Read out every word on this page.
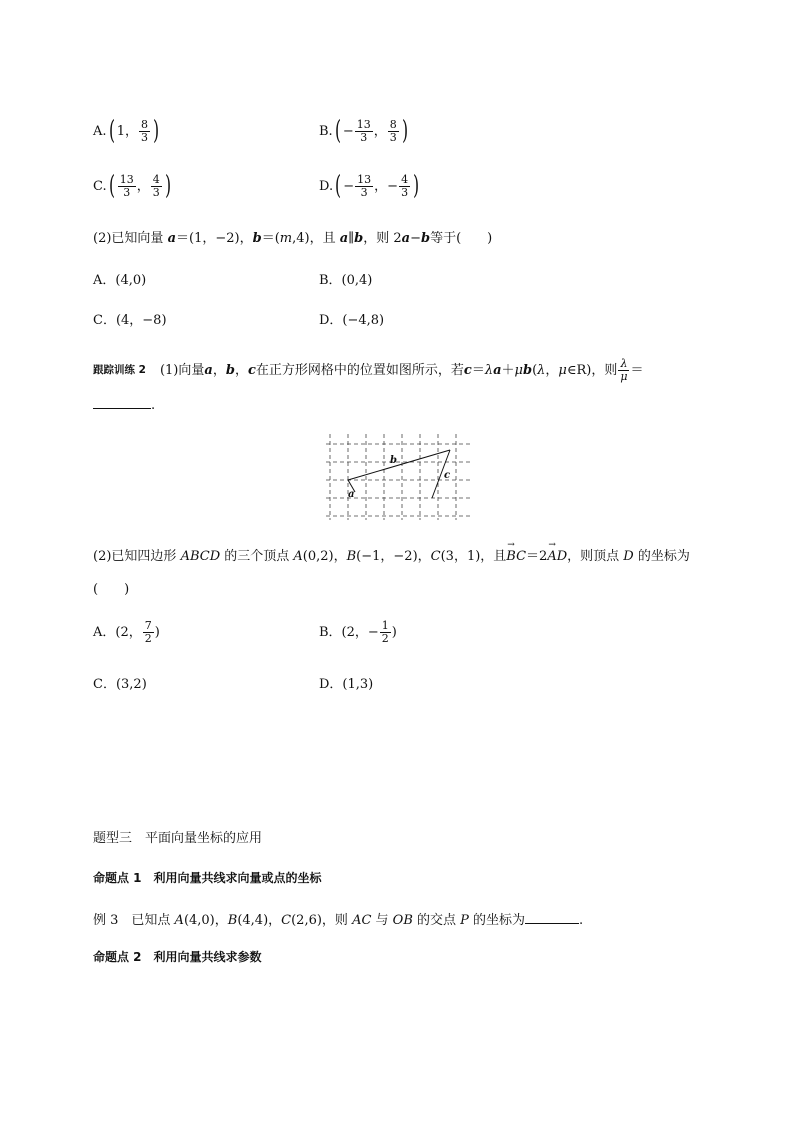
A. ( 1， $\frac{8}{3}$ )	B. ( − $\frac{13}{3}$ ， $\frac{8}{3}$ )
C. ( $\frac{13}{3}$ ， $\frac{4}{3}$ )	D. ( − $\frac{13}{3}$ ， − $\frac{4}{3}$ )
(2)已知向量 a＝(1，−2)，b＝(m,4)，且 a∥b，则 2a−b等于(　　)
A．(4,0)	B．(0,4)
C．(4，−8)	D．(−4,8)
跟踪训练 2 (1)向量 a ， b ， c 在正方形网格中的位置如图所示，若 c ＝ λ a ＋ μ b ( λ ， μ ∈R)，则 $\frac{\lambda}{\mu}$ ＝
.
b
c
a
(2)已知四边形 ABCD 的三个顶点 A(0,2)，B(−1，−2)，C(3，1)，且→ BC＝2→ AD，则顶点 D 的坐标为
(　　)
A．(2， $\frac{7}{2}$ )	B．(2，− $\frac{1}{2}$ )
C．(3,2)	D．(1,3)
题型三　平面向量坐标的应用
命题点 1　利用向量共线求向量或点的坐标
例 3　已知点 A(4,0)，B(4,4)，C(2,6)，则 AC 与 OB 的交点 P 的坐标为	.
命题点 2　利用向量共线求参数
